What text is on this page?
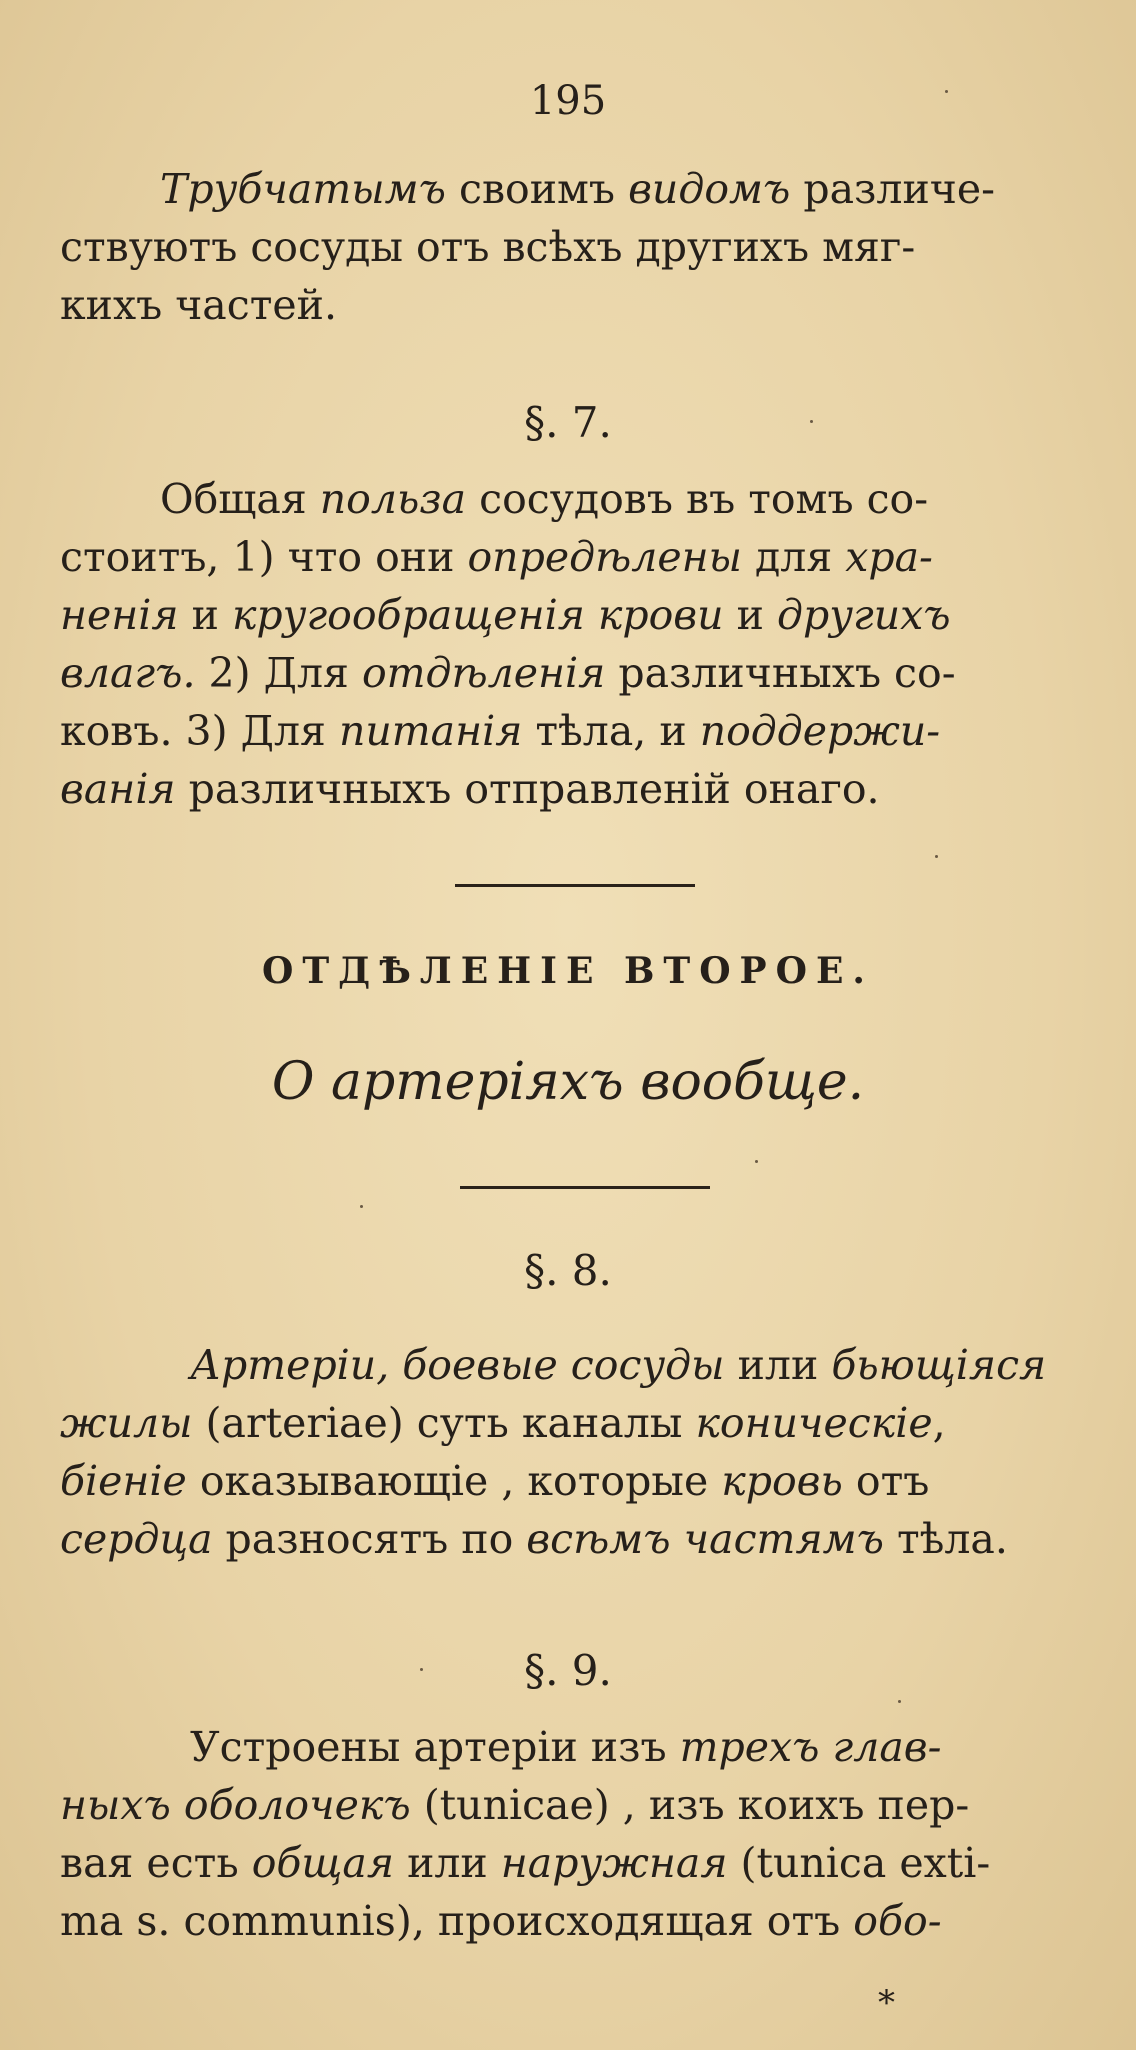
195

Трубчатымъ своимъ видомъ различе-
ствуютъ сосуды отъ всѣхъ другихъ мяг-
кихъ частей.

§. 7.

Общая польза сосудовъ въ томъ со-
стоитъ, 1) что они опредѣлены для хра-
ненія и кругообращенія крови и другихъ
влагъ. 2) Для отдѣленія различныхъ со-
ковъ. 3) Для питанія тѣла, и поддержи-
ванія различныхъ отправленій онаго.

ОТДѢЛЕНІЕ ВТОРОЕ.
О артеріяхъ вообще.
§. 8.

Артеріи, боевые сосуды или бьющіяся
жилы (arteriae) суть каналы коническіе,
біеніе оказывающіе , которые кровь отъ
сердца разносятъ по всѣмъ частямъ тѣла.

§. 9.

Устроены артеріи изъ трехъ глав-
ныхъ оболочекъ (tunicae) , изъ коихъ пер-
вая есть общая или наружная (tunica exti-
ma s. communis), происходящая отъ обо-

*
